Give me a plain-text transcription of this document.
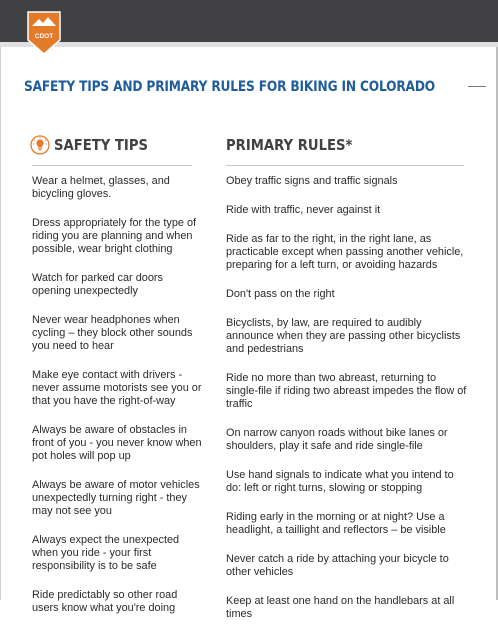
CDOT
SAFETY TIPS AND PRIMARY RULES FOR BIKING IN COLORADO
SAFETY TIPS
Wear a helmet, glasses, and bicycling gloves.
Dress appropriately for the type of riding you are planning and when possible, wear bright clothing
Watch for parked car doors opening unexpectedly
Never wear headphones when cycling – they block other sounds you need to hear
Make eye contact with drivers - never assume motorists see you or that you have the right-of-way
Always be aware of obstacles in front of you - you never know when pot holes will pop up
Always be aware of motor vehicles unexpectedly turning right - they may not see you
Always expect the unexpected when you ride - your first responsibility is to be safe
Ride predictably so other road users know what you're doing
PRIMARY RULES*
Obey traffic signs and traffic signals
Ride with traffic, never against it
Ride as far to the right, in the right lane, as practicable except when passing another vehicle, preparing for a left turn, or avoiding hazards
Don't pass on the right
Bicyclists, by law, are required to audibly announce when they are passing other bicyclists and pedestrians
Ride no more than two abreast, returning to single-file if riding two abreast impedes the flow of traffic
On narrow canyon roads without bike lanes or shoulders, play it safe and ride single-file
Use hand signals to indicate what you intend to do: left or right turns, slowing or stopping
Riding early in the morning or at night? Use a headlight, a taillight and reflectors – be visible
Never catch a ride by attaching your bicycle to other vehicles
Keep at least one hand on the handlebars at all times
